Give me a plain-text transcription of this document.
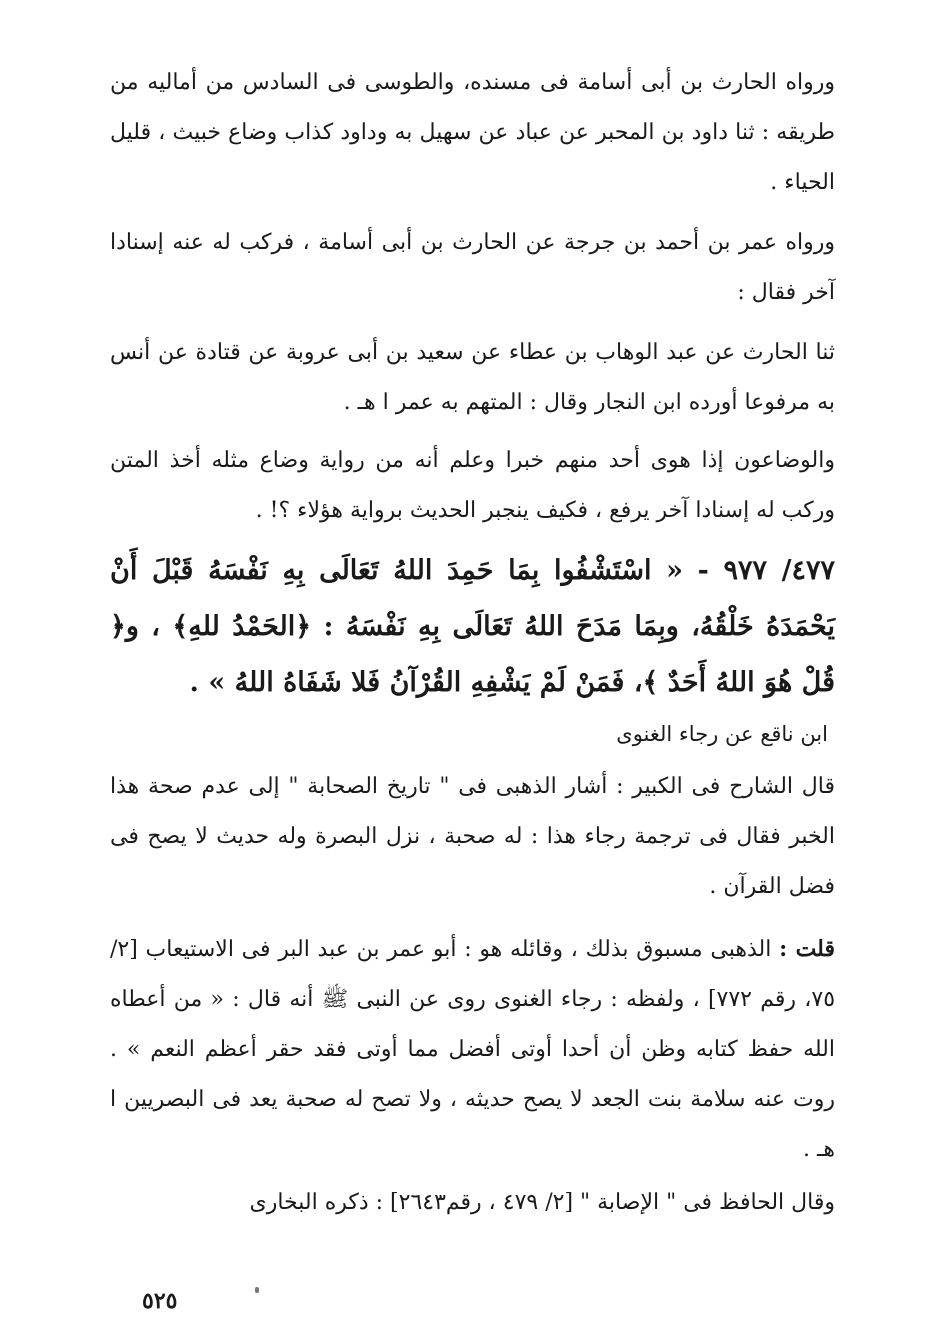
ورواه الحارث بن أبى أسامة فى مسنده، والطوسى فى السادس من أماليه من طريقه : ثنا داود بن المحبر عن عباد عن سهيل به وداود كذاب وضاع خبيث ، قليل الحياء .

ورواه عمر بن أحمد بن جرجة عن الحارث بن أبى أسامة ، فركب له عنه إسنادا آخر فقال :

ثنا الحارث عن عبد الوهاب بن عطاء عن سعيد بن أبى عروبة عن قتادة عن أنس به مرفوعا أورده ابن النجار وقال : المتهم به عمر ا هـ .

والوضاعون إذا هوى أحد منهم خبرا وعلم أنه من رواية وضاع مثله أخذ المتن وركب له إسنادا آخر يرفع ، فكيف ينجبر الحديث برواية هؤلاء ؟! .

٤٧٧/ ٩٧٧ - « اسْتَشْفُوا بِمَا حَمِدَ اللهُ تَعَالَى بِهِ نَفْسَهُ قَبْلَ أَنْ يَحْمَدَهُ خَلْقُهُ، وبِمَا مَدَحَ اللهُ تَعَالَى بِهِ نَفْسَهُ : ﴿الحَمْدُ للهِ﴾ ، و﴿ قُلْ هُوَ اللهُ أَحَدٌ ﴾، فَمَنْ لَمْ يَشْفِهِ القُرْآنُ فَلا شَفَاهُ اللهُ » .

ابن ناقع عن رجاء الغنوى

قال الشارح فى الكبير : أشار الذهبى فى " تاريخ الصحابة " إلى عدم صحة هذا الخبر فقال فى ترجمة رجاء هذا : له صحبة ، نزل البصرة وله حديث لا يصح فى فضل القرآن .

قلت : الذهبى مسبوق بذلك ، وقائله هو : أبو عمر بن عبد البر فى الاستيعاب [٢/ ٧٥، رقم ٧٧٢] ، ولفظه : رجاء الغنوى روى عن النبى ﷺ أنه قال : « من أعطاه الله حفظ كتابه وظن أن أحدا أوتى أفضل مما أوتى فقد حقر أعظم النعم » . روت عنه سلامة بنت الجعد لا يصح حديثه ، ولا تصح له صحبة يعد فى البصريين ا هـ .

وقال الحافظ فى " الإصابة " [٢/ ٤٧٩ ، رقم٢٦٤٣] : ذكره البخارى

٥٢٥
